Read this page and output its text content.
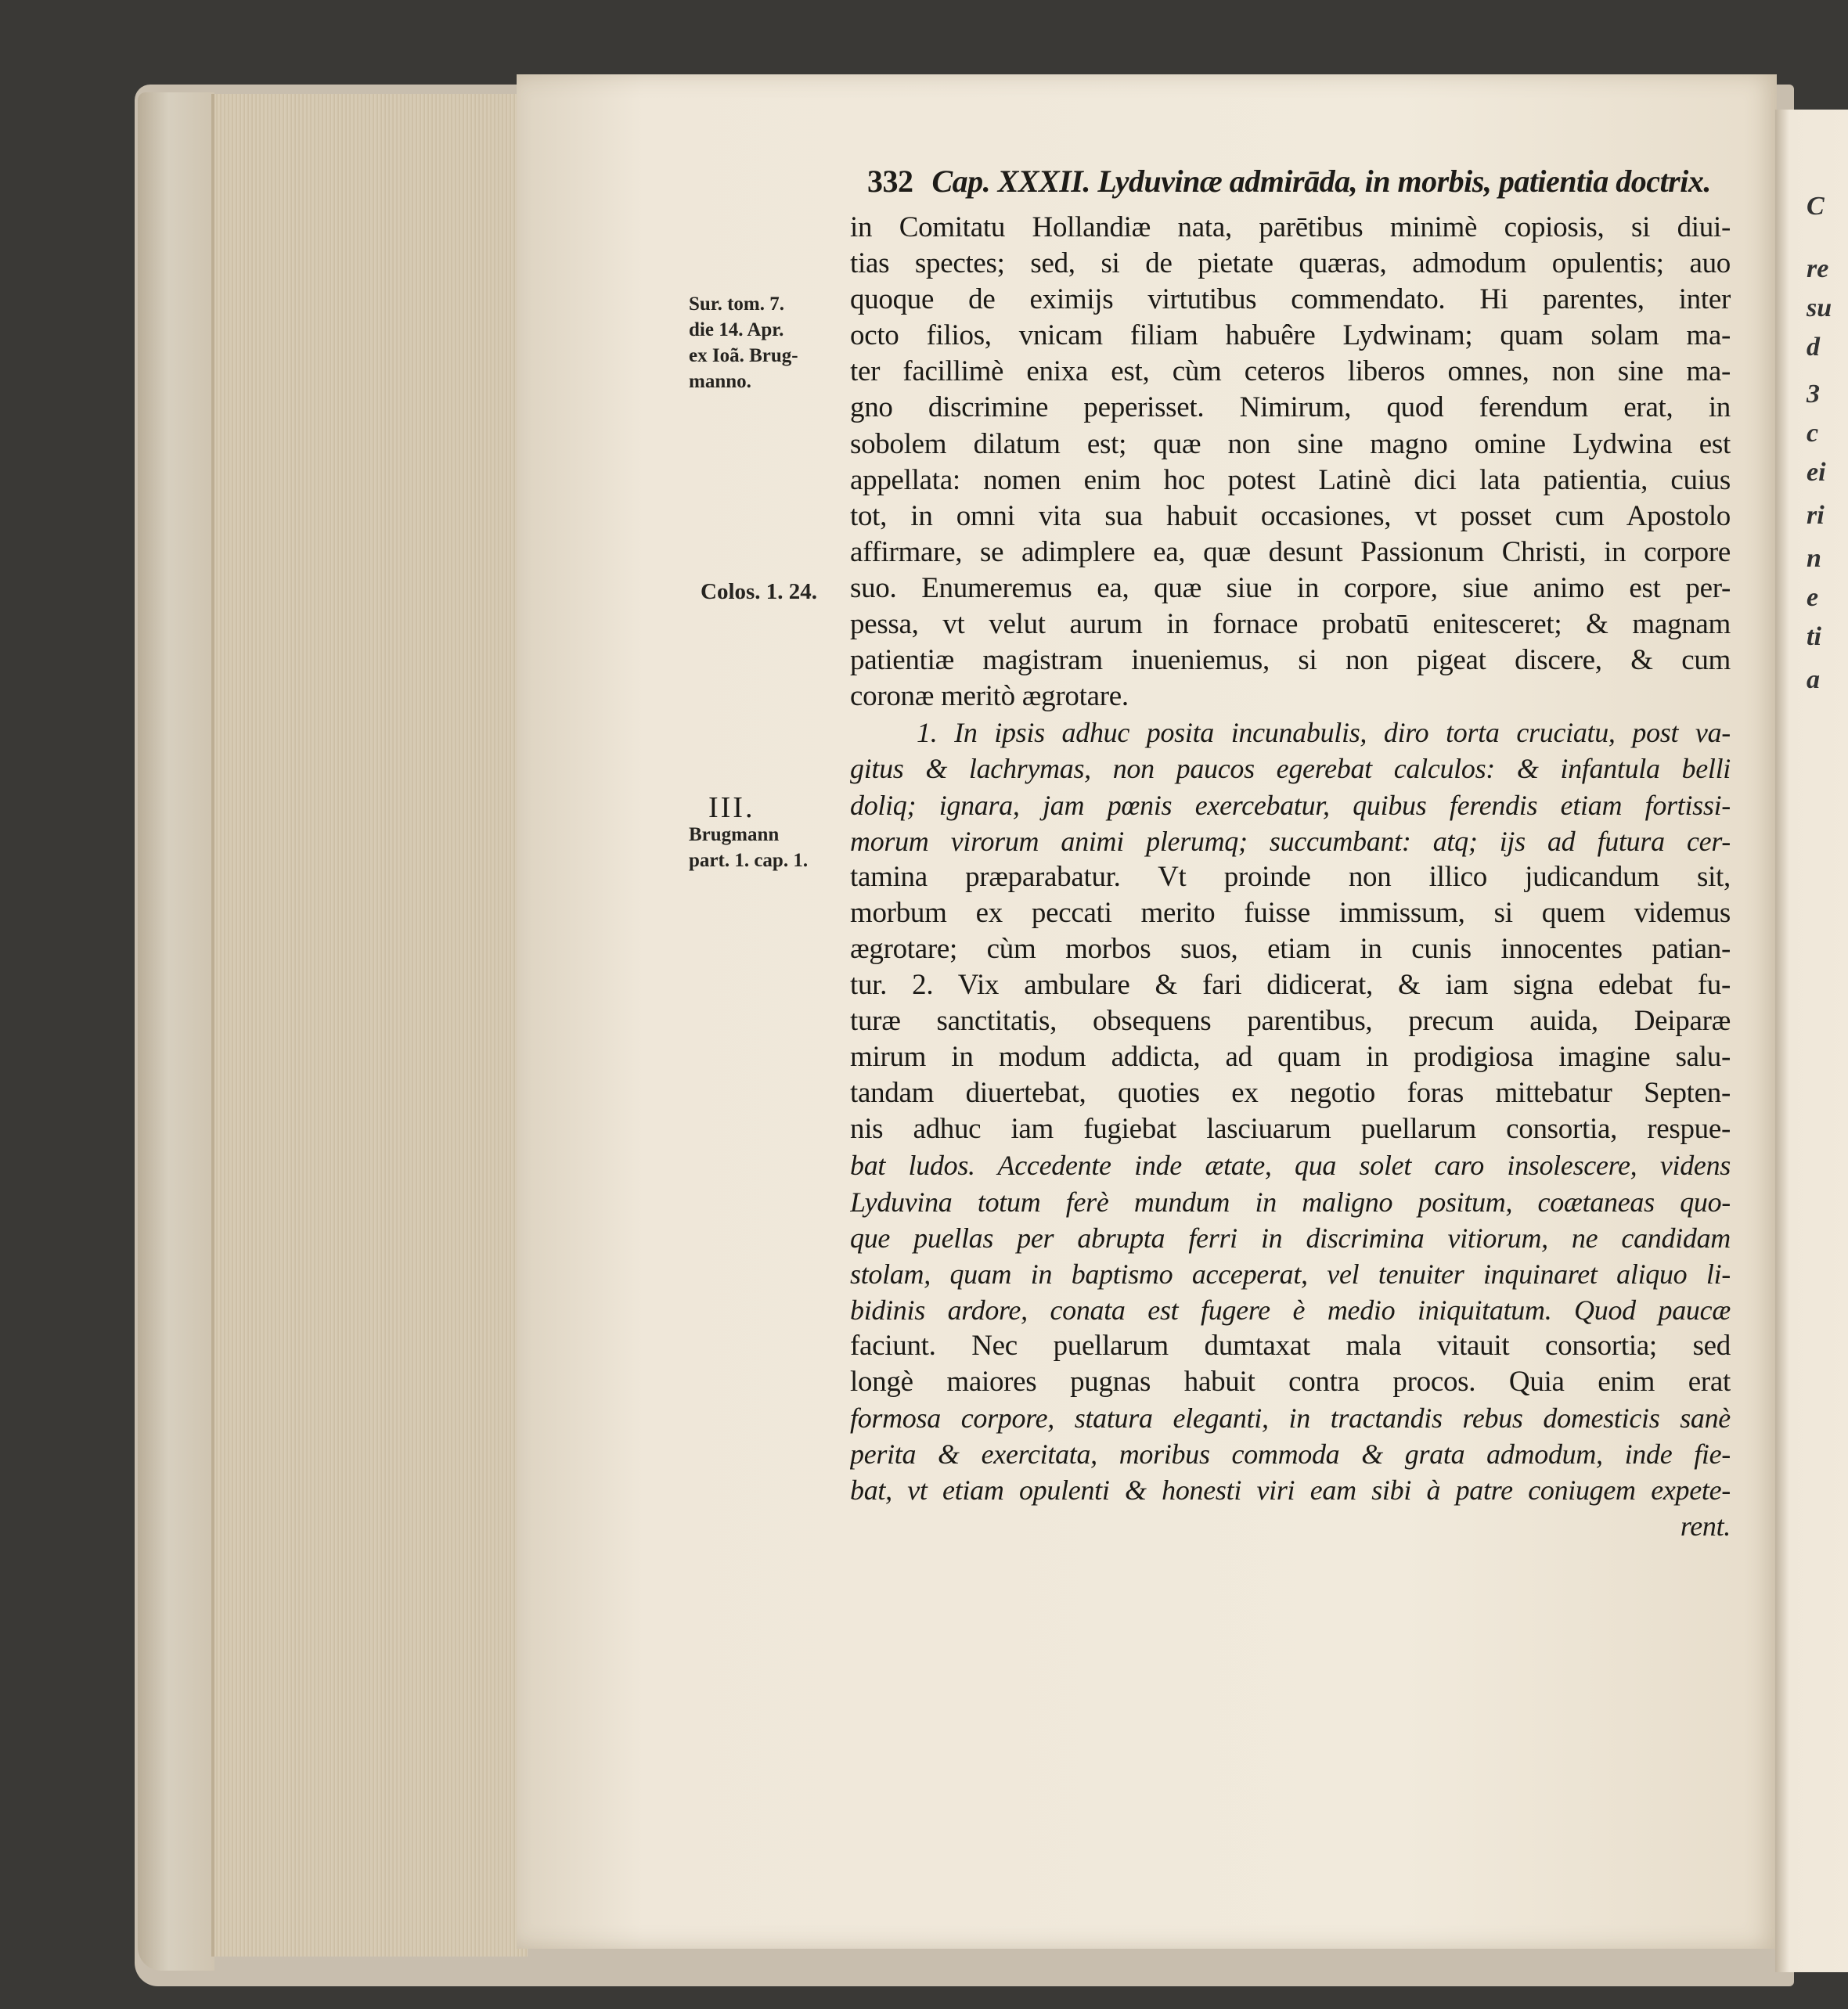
C
re
su
d
3
c
ei
ri
n
e
ti
a
332 Cap. XXXII. Lyduvinæ admirāda, in morbis, patientia doctrix.
Sur. tom. 7.
die 14. Apr.
ex Ioã. Brug-
manno.
Colos. 1. 24.
III.
Brugmann
part. 1. cap. 1.
in Comitatu Hollandiæ nata, parētibus minimè copiosis, si diui-
tias spectes; sed, si de pietate quæras, admodum opulentis; auo
quoque de eximijs virtutibus commendato. Hi parentes, inter
octo filios, vnicam filiam habuêre Lydwinam; quam solam ma-
ter facillimè enixa est, cùm ceteros liberos omnes, non sine ma-
gno discrimine peperisset. Nimirum, quod ferendum erat, in
sobolem dilatum est; quæ non sine magno omine Lydwina est
appellata: nomen enim hoc potest Latinè dici lata patientia, cuius
tot, in omni vita sua habuit occasiones, vt posset cum Apostolo
affirmare, se adimplere ea, quæ desunt Passionum Christi, in corpore
suo. Enumeremus ea, quæ siue in corpore, siue animo est per-
pessa, vt velut aurum in fornace probatū enitesceret; & magnam
patientiæ magistram inueniemus, si non pigeat discere, & cum
coronæ meritò ægrotare.
1. In ipsis adhuc posita incunabulis, diro torta cruciatu, post va-
gitus & lachrymas, non paucos egerebat calculos: & infantula belli
doliq; ignara, jam pœnis exercebatur, quibus ferendis etiam fortissi-
morum virorum animi plerumq; succumbant: atq; ijs ad futura cer-
tamina præparabatur. Vt proinde non illico judicandum sit,
morbum ex peccati merito fuisse immissum, si quem videmus
ægrotare; cùm morbos suos, etiam in cunis innocentes patian-
tur. 2. Vix ambulare & fari didicerat, & iam signa edebat fu-
turæ sanctitatis, obsequens parentibus, precum auida, Deiparæ
mirum in modum addicta, ad quam in prodigiosa imagine salu-
tandam diuertebat, quoties ex negotio foras mittebatur Septen-
nis adhuc iam fugiebat lasciuarum puellarum consortia, respue-
bat ludos. Accedente inde ætate, qua solet caro insolescere, videns
Lyduvina totum ferè mundum in maligno positum, coætaneas quo-
que puellas per abrupta ferri in discrimina vitiorum, ne candidam
stolam, quam in baptismo acceperat, vel tenuiter inquinaret aliquo li-
bidinis ardore, conata est fugere è medio iniquitatum. Quod paucæ
faciunt. Nec puellarum dumtaxat mala vitauit consortia; sed
longè maiores pugnas habuit contra procos. Quia enim erat
formosa corpore, statura eleganti, in tractandis rebus domesticis sanè
perita & exercitata, moribus commoda & grata admodum, inde fie-
bat, vt etiam opulenti & honesti viri eam sibi à patre coniugem expete-
rent.
